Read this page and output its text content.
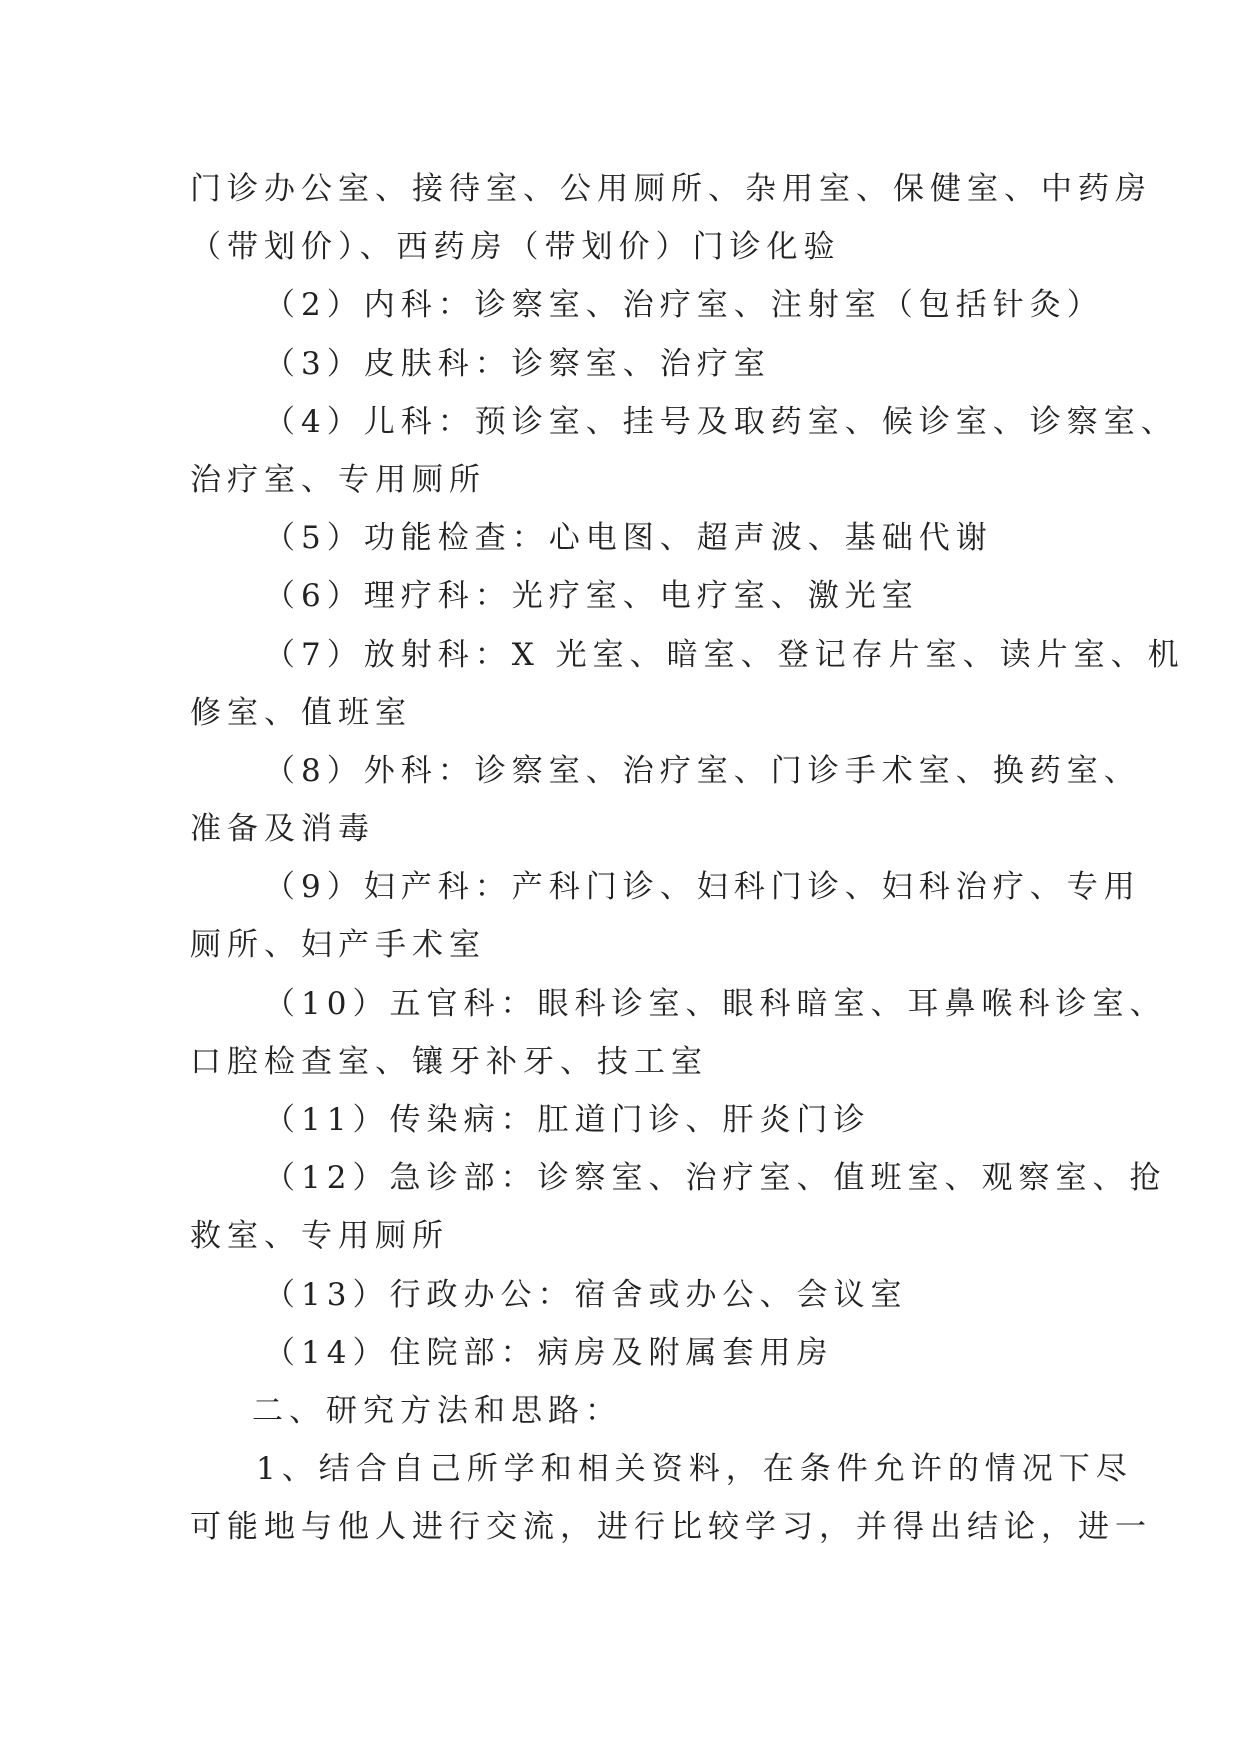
门诊办公室、接待室、公用厕所、杂用室、保健室、中药房
（带划价）、西药房（带划价）门诊化验
（2）内科：诊察室、治疗室、注射室（包括针灸）
（3）皮肤科：诊察室、治疗室
（4）儿科：预诊室、挂号及取药室、候诊室、诊察室、
治疗室、专用厕所
（5）功能检查：心电图、超声波、基础代谢
（6）理疗科：光疗室、电疗室、激光室
（7）放射科：X 光室、暗室、登记存片室、读片室、机
修室、值班室
（8）外科：诊察室、治疗室、门诊手术室、换药室、
准备及消毒
（9）妇产科：产科门诊、妇科门诊、妇科治疗、专用
厕所、妇产手术室
（10）五官科：眼科诊室、眼科暗室、耳鼻喉科诊室、
口腔检查室、镶牙补牙、技工室
（11）传染病：肛道门诊、肝炎门诊
（12）急诊部：诊察室、治疗室、值班室、观察室、抢
救室、专用厕所
（13）行政办公：宿舍或办公、会议室
（14）住院部：病房及附属套用房
二、研究方法和思路：
1、结合自己所学和相关资料，在条件允许的情况下尽
可能地与他人进行交流，进行比较学习，并得出结论，进一
